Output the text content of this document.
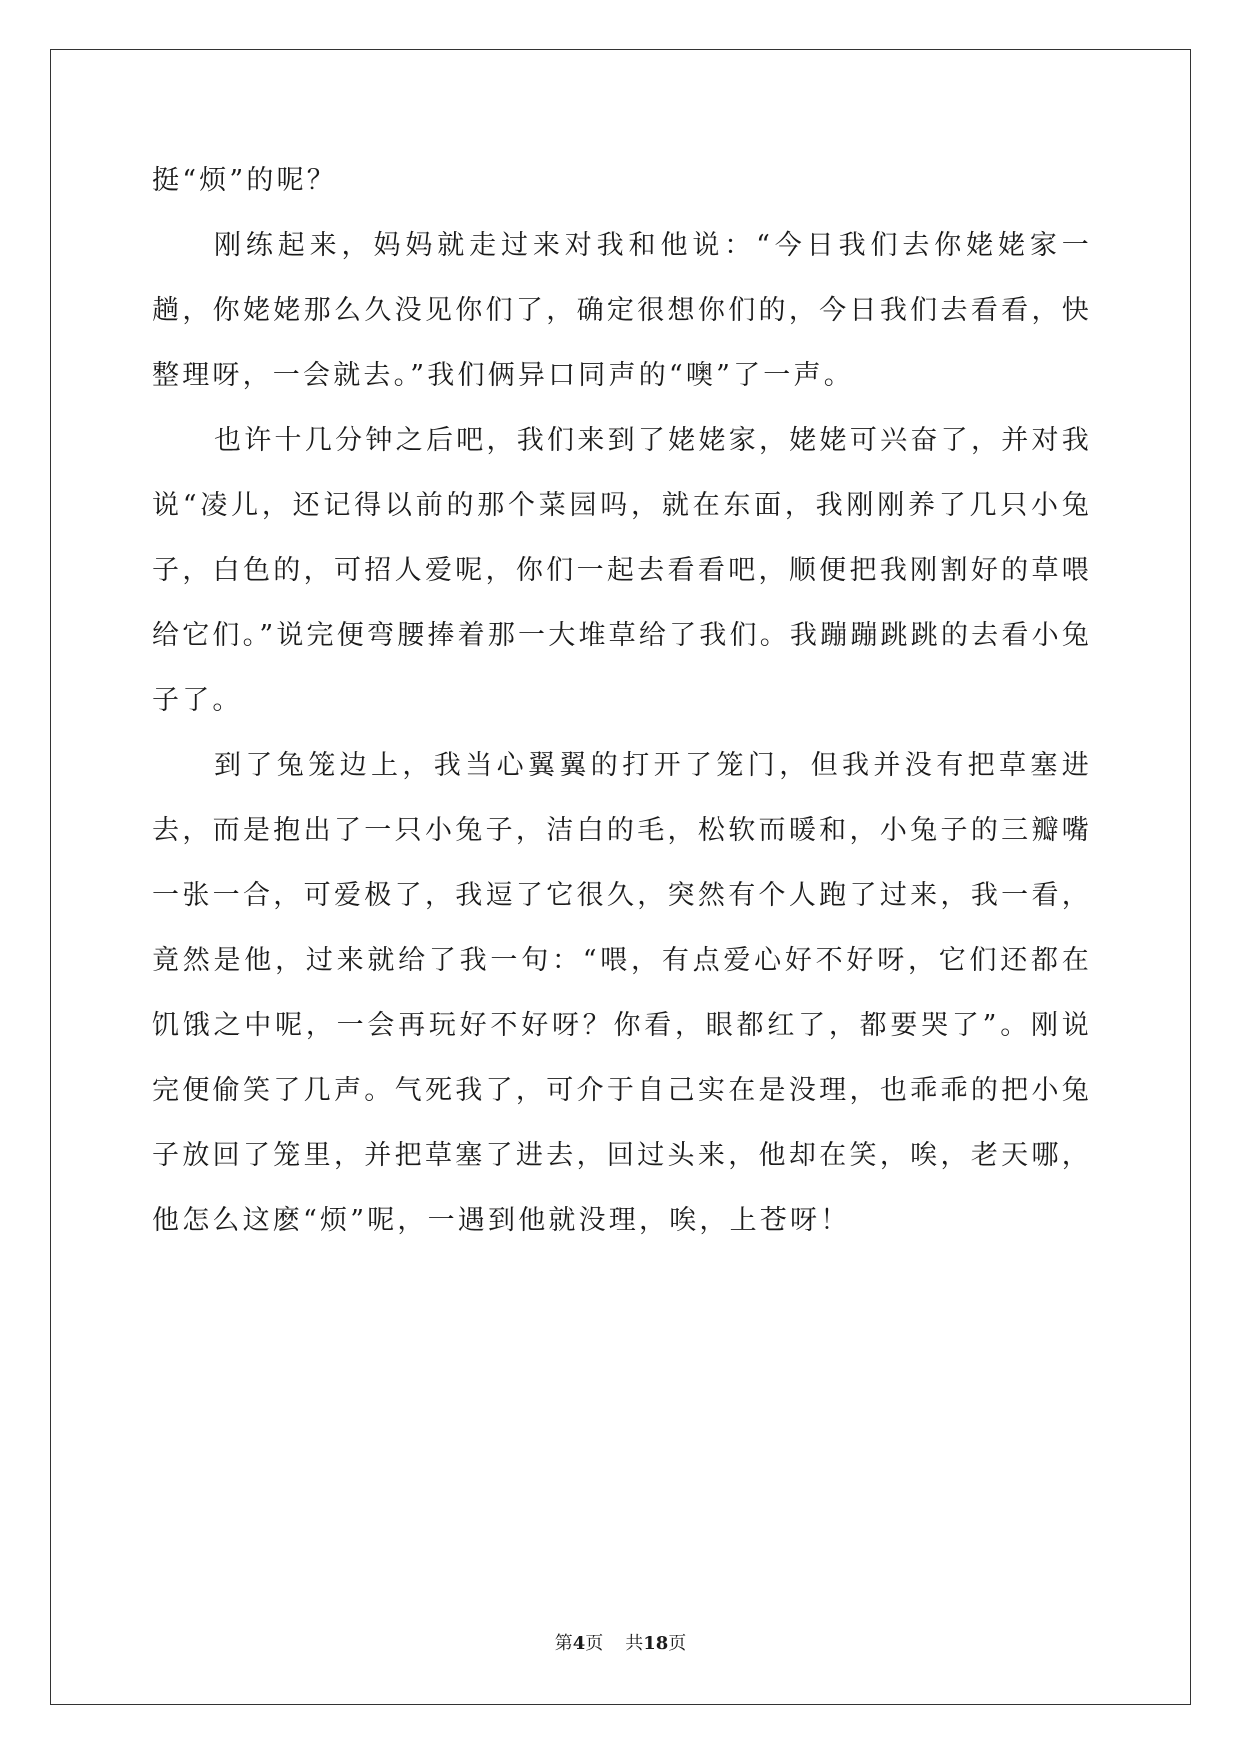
挺“烦”的呢？

刚练起来，妈妈就走过来对我和他说：“今日我们去你姥姥家一趟，你姥姥那么久没见你们了，确定很想你们的，今日我们去看看，快整理呀，一会就去。”我们俩异口同声的“噢”了一声。

也许十几分钟之后吧，我们来到了姥姥家，姥姥可兴奋了，并对我说“凌儿，还记得以前的那个菜园吗，就在东面，我刚刚养了几只小兔子，白色的，可招人爱呢，你们一起去看看吧，顺便把我刚割好的草喂给它们。”说完便弯腰捧着那一大堆草给了我们。我蹦蹦跳跳的去看小兔子了。

到了兔笼边上，我当心翼翼的打开了笼门，但我并没有把草塞进去，而是抱出了一只小兔子，洁白的毛，松软而暖和，小兔子的三瓣嘴一张一合，可爱极了，我逗了它很久，突然有个人跑了过来，我一看，竟然是他，过来就给了我一句：“喂，有点爱心好不好呀，它们还都在饥饿之中呢，一会再玩好不好呀？你看，眼都红了，都要哭了”。刚说完便偷笑了几声。气死我了，可介于自己实在是没理，也乖乖的把小兔子放回了笼里，并把草塞了进去，回过头来，他却在笑，唉，老天哪，他怎么这麽“烦”呢，一遇到他就没理，唉，上苍呀！

第4页 共18页
